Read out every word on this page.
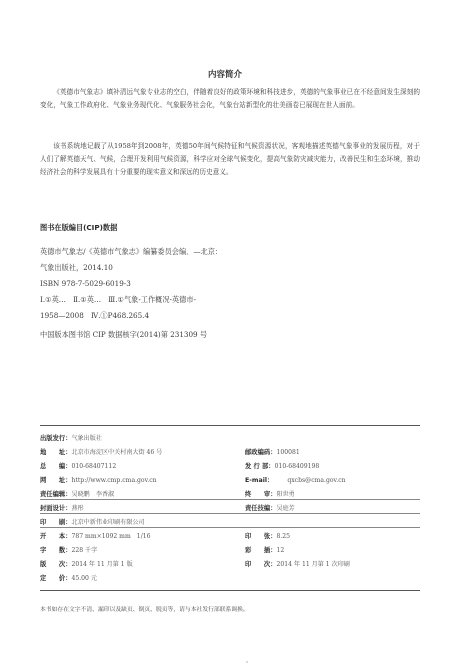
内容简介
《英德市气象志》填补清远气象专业志的空白，伴随着良好的政策环境和科技进步，英德的气象事业已在不经意间发生深刻的变化，气象工作政府化、气象业务现代化、气象服务社会化，气象台站新型化的壮美画卷已展现在世人面前。
该书系统地记载了从1958年到2008年，英德50年间气候特征和气候资源状况，客观地描述英德气象事业的发展历程，对于人们了解英德天气、气候，合理开发利用气候资源，科学应对全球气候变化，提高气象防灾减灾能力，改善民生和生态环境，推动经济社会的科学发展具有十分重要的现实意义和深远的历史意义。
图书在版编目(CIP)数据
英德市气象志/《英德市气象志》编纂委员会编．—北京：
气象出版社，2014.10
ISBN 978-7-5029-6019-3
Ⅰ.①英…　Ⅱ.①英…　Ⅲ.①气象-工作概况-英德市-
1958—2008　Ⅳ.①P468.265.4
中国版本图书馆 CIP 数据核字(2014)第 231309 号
出版发行：气象出版社
地　　址：北京市海淀区中关村南大街 46 号	邮政编码：100081
总　　编：010-68407112	发 行 部：010-68409198
网　　址：http://www.cmp.cma.gov.cn	E-mail： qxcbs@cma.gov.cn
责任编辑：吴晓鹏　李香淑	终　　审：阳世勇
封面设计：燕彤	责任技编：吴庭芳
印　　刷：北京中新伟业印刷有限公司
开　　本：787 mm×1092 mm　1/16	印　　张：8.25
字　　数：228 千字	彩　　插：12
版　　次：2014 年 11 月第 1 版	印　　次：2014 年 11 月第 1 次印刷
定　　价：45.00 元
本书如存在文字不清、漏印以及缺页、倒页、脱页等，请与本社发行部联系调换。
